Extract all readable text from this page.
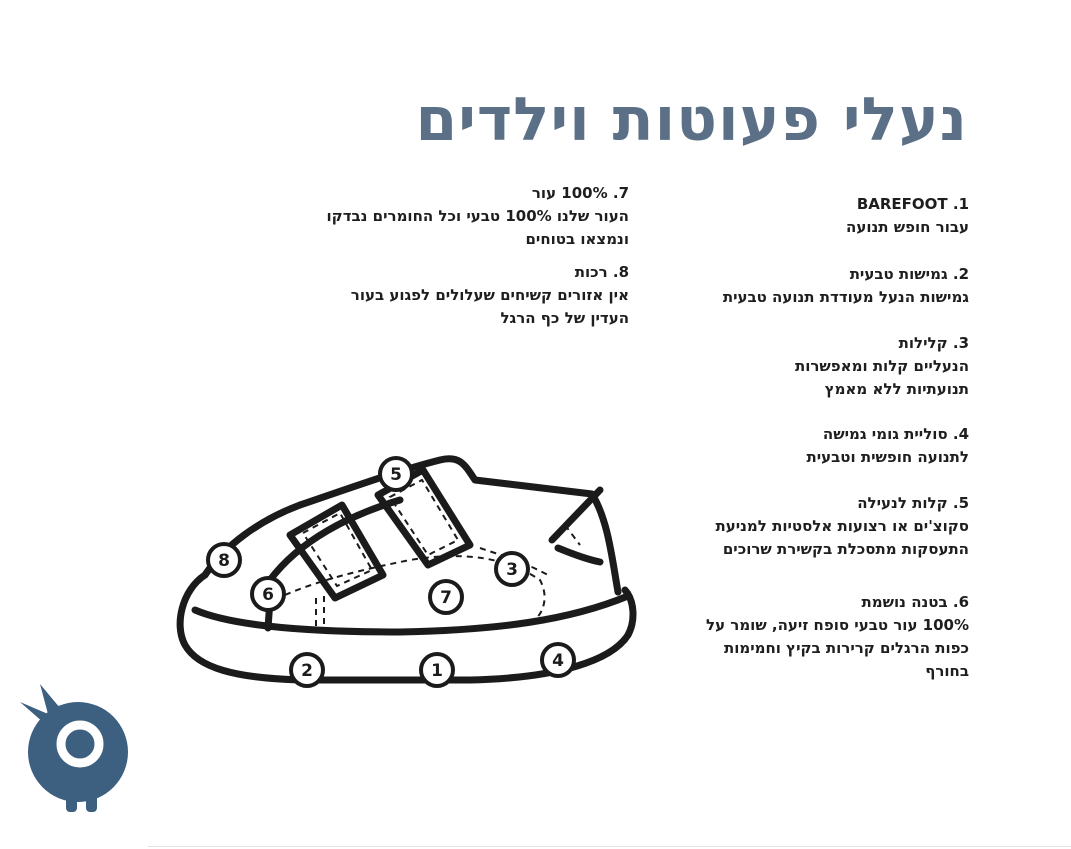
נעלי פעוטות וילדים
1. BAREFOOT
עבור חופש תנועה
2. גמישות טבעית
גמישות הנעל מעודדת תנועה טבעית
3. קלילות
הנעליים קלות ומאפשרות
תנועתיות ללא מאמץ
4. סוליית גומי גמישה
לתנועה חופשית וטבעית
5. קלות לנעילה
סקוצ'ים או רצועות אלסטיות למניעת
התעסקות מתסכלת בקשירת שרוכים
6. בטנה נושמת
100% עור טבעי סופח זיעה, שומר על
כפות הרגלים קרירות בקיץ וחמימות
בחורף
7. 100% עור
העור שלנו 100% טבעי וכל החומרים נבדקו
ונמצאו בטוחים
8. רכות
אין אזורים קשיחים שעלולים לפגוע בעור
העדין של כף הרגל
1
2
3
4
5
6	7
8
